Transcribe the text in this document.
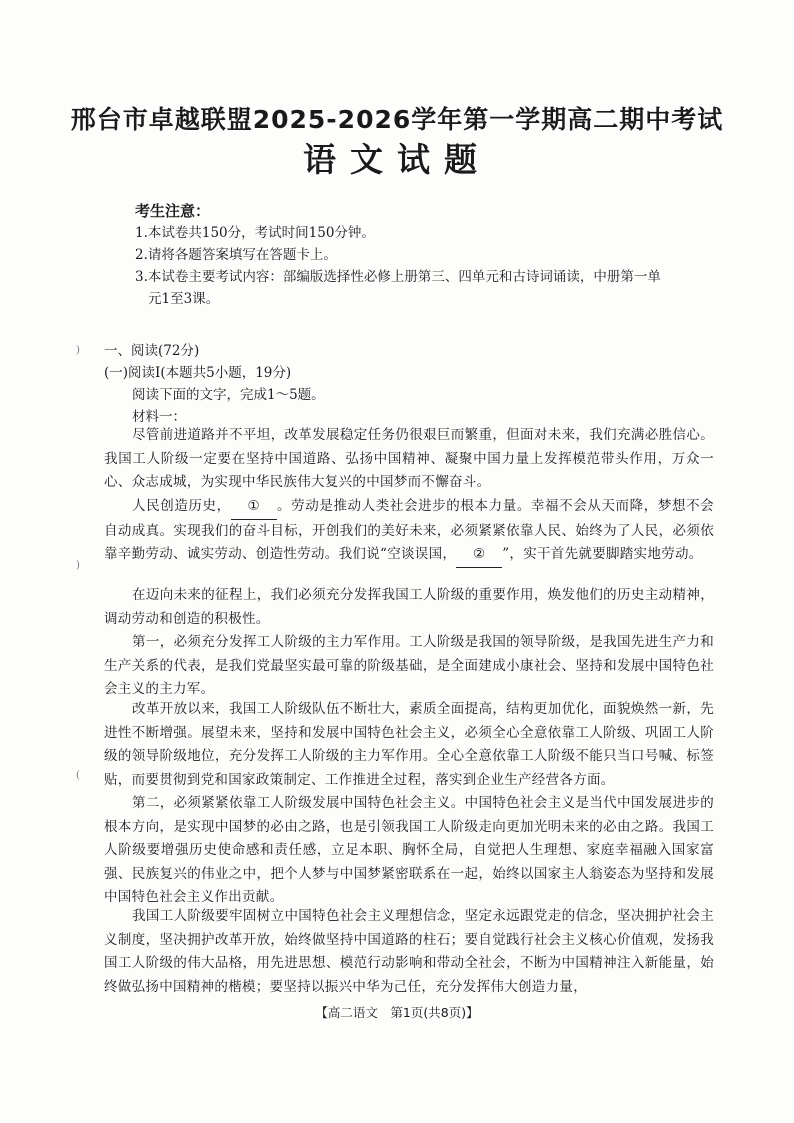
邢台市卓越联盟2025-2026学年第一学期高二期中考试
语文试题
考生注意：
1.本试卷共150分，考试时间150分钟。
2.请将各题答案填写在答题卡上。
3.本试卷主要考试内容：部编版选择性必修上册第三、四单元和古诗词诵读，中册第一单
元1至3课。
一、阅读(72分)
(一)阅读Ⅰ(本题共5小题，19分)
阅读下面的文字，完成1～5题。
材料一：
尽管前进道路并不平坦，改革发展稳定任务仍很艰巨而繁重，但面对未来，我们充满必胜信心。我国工人阶级一定要在坚持中国道路、弘扬中国精神、凝聚中国力量上发挥模范带头作用，万众一心、众志成城，为实现中华民族伟大复兴的中国梦而不懈奋斗。
人民创造历史， ① 。劳动是推动人类社会进步的根本力量。幸福不会从天而降，梦想不会自动成真。实现我们的奋斗目标，开创我们的美好未来，必须紧紧依靠人民、始终为了人民，必须依靠辛勤劳动、诚实劳动、创造性劳动。我们说“空谈误国， ② ”，实干首先就要脚踏实地劳动。
在迈向未来的征程上，我们必须充分发挥我国工人阶级的重要作用，焕发他们的历史主动精神，调动劳动和创造的积极性。
第一，必须充分发挥工人阶级的主力军作用。工人阶级是我国的领导阶级，是我国先进生产力和生产关系的代表，是我们党最坚实最可靠的阶级基础，是全面建成小康社会、坚持和发展中国特色社会主义的主力军。
改革开放以来，我国工人阶级队伍不断壮大，素质全面提高，结构更加优化，面貌焕然一新，先进性不断增强。展望未来，坚持和发展中国特色社会主义，必须全心全意依靠工人阶级、巩固工人阶级的领导阶级地位，充分发挥工人阶级的主力军作用。全心全意依靠工人阶级不能只当口号喊、标签贴，而要贯彻到党和国家政策制定、工作推进全过程，落实到企业生产经营各方面。
第二，必须紧紧依靠工人阶级发展中国特色社会主义。中国特色社会主义是当代中国发展进步的根本方向，是实现中国梦的必由之路，也是引领我国工人阶级走向更加光明未来的必由之路。我国工人阶级要增强历史使命感和责任感，立足本职、胸怀全局，自觉把人生理想、家庭幸福融入国家富强、民族复兴的伟业之中，把个人梦与中国梦紧密联系在一起，始终以国家主人翁姿态为坚持和发展中国特色社会主义作出贡献。
我国工人阶级要牢固树立中国特色社会主义理想信念，坚定永远跟党走的信念，坚决拥护社会主义制度，坚决拥护改革开放，始终做坚持中国道路的柱石；要自觉践行社会主义核心价值观，发扬我国工人阶级的伟大品格，用先进思想、模范行动影响和带动全社会，不断为中国精神注入新能量，始终做弘扬中国精神的楷模；要坚持以振兴中华为己任，充分发挥伟大创造力量，
【高二语文　第1页(共8页)】
)
)
(
